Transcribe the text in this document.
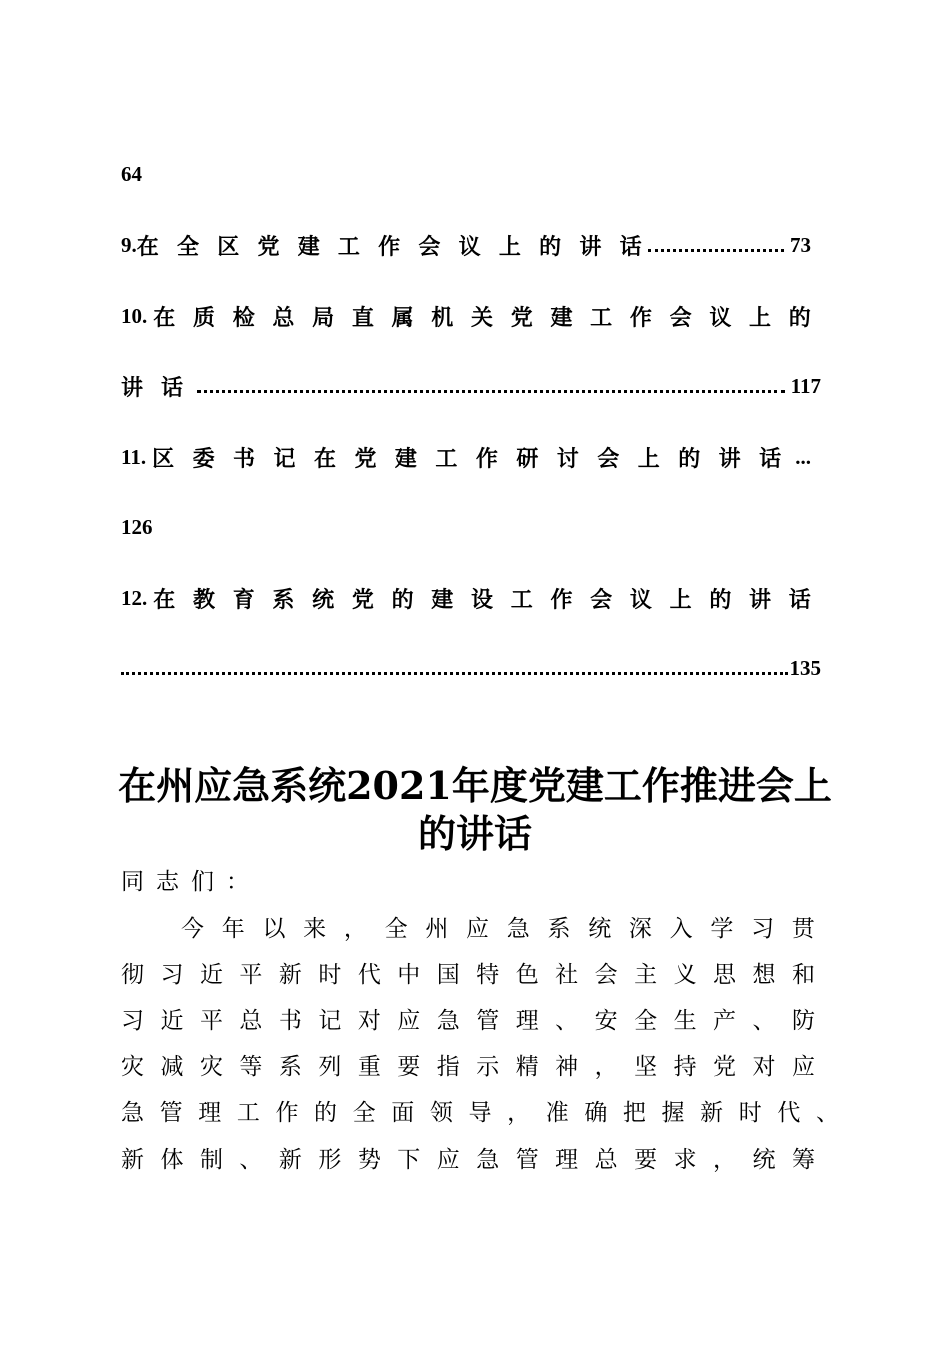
64
9. 在 全 区 党 建 工 作 会 议 上 的 讲 话	73
10. 在 质 检 总 局 直 属 机 关 党 建 工 作 会 议 上 的
讲 话	117
11. 区 委 书 记 在 党 建 工 作 研 讨 会 上 的 讲 话 ...
126
12. 在 教 育 系 统 党 的 建 设 工 作 会 议 上 的 讲 话
135
在州应急系统2021年度党建工作推进会上
的讲话
同 志 们 ：
今 年 以 来 ， 全 州 应 急 系 统 深 入 学 习 贯
彻 习 近 平 新 时 代 中 国 特 色 社 会 主 义 思 想 和
习 近 平 总 书 记 对 应 急 管 理 、 安 全 生 产 、 防
灾 减 灾 等 系 列 重 要 指 示 精 神 ， 坚 持 党 对 应
急 管 理 工 作 的 全 面 领 导 ， 准 确 把 握 新 时 代 、
新 体 制 、 新 形 势 下 应 急 管 理 总 要 求 ， 统 筹
